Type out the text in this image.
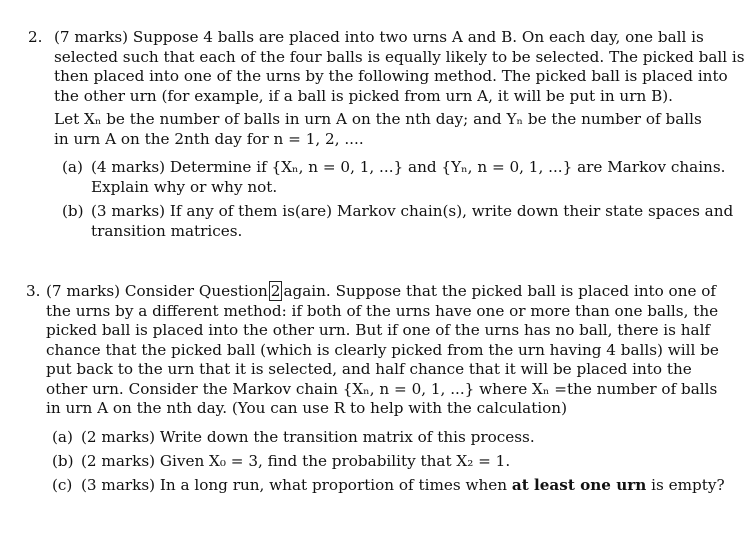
2. (7 marks) Suppose 4 balls are placed into two urns A and B. On each day, one ball is
selected such that each of the four balls is equally likely to be selected. The picked ball is
then placed into one of the urns by the following method. The picked ball is placed into
the other urn (for example, if a ball is picked from urn A, it will be put in urn B).
Let Xₙ be the number of balls in urn A on the nth day; and Yₙ be the number of balls
in urn A on the 2nth day for n = 1, 2, ....
(a) (4 marks) Determine if {Xₙ, n = 0, 1, ...} and {Yₙ, n = 0, 1, ...} are Markov chains.
Explain why or why not.
(b) (3 marks) If any of them is(are) Markov chain(s), write down their state spaces and
transition matrices.
3. (7 marks) Consider Question 2 again. Suppose that the picked ball is placed into one of
the urns by a different method: if both of the urns have one or more than one balls, the
picked ball is placed into the other urn. But if one of the urns has no ball, there is half
chance that the picked ball (which is clearly picked from the urn having 4 balls) will be
put back to the urn that it is selected, and half chance that it will be placed into the
other urn. Consider the Markov chain {Xₙ, n = 0, 1, ...} where Xₙ =the number of balls
in urn A on the nth day. (You can use R to help with the calculation)
(a) (2 marks) Write down the transition matrix of this process.
(b) (2 marks) Given X₀ = 3, find the probability that X₂ = 1.
(c) (3 marks) In a long run, what proportion of times when at least one urn is empty?
